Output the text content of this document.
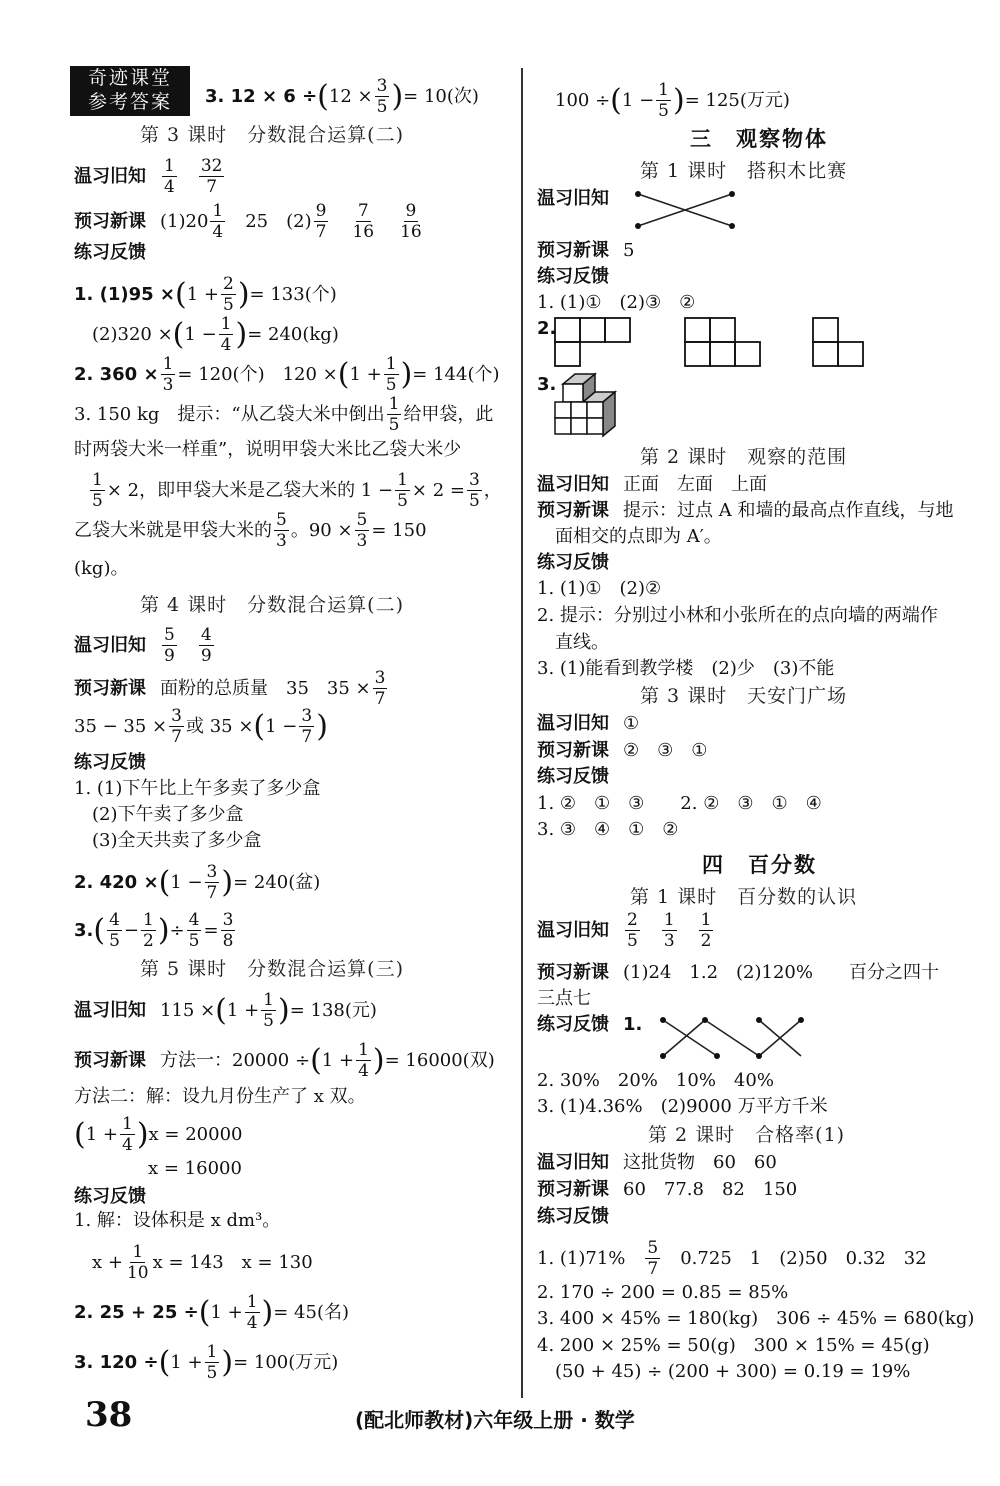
奇迹课堂
参考答案	3. $12 \times 6 \div(12 \times \frac{3}{5}$ )= 10(次)
第 3 课时　分数混合运算(二)
温习旧知 $\frac{1}{4} \frac{32}{7}$
预习新课 $(1)20 \frac{1}{4} 25$　$(2) \frac{9}{7} \frac{7}{16} \frac{9}{16}$
练习反馈
1. $(1)95 \times(1 + \frac{2}{5}$ )= 133(个)
$(2)320 \times(1 - \frac{1}{4}$ )= 240(kg)
2. $360 \times \frac{1}{3} = 120$(个)　$120 \times(1 + \frac{1}{5}$ )= 144(个)
3. 150 kg　提示：“从乙袋大米中倒出 $\frac{1}{5}$ 给甲袋，此
时两袋大米一样重”，说明甲袋大米比乙袋大米少
$\frac{1}{5} \times 2$，即甲袋大米是乙袋大米的 $1 - \frac{1}{5} \times 2 = \frac{3}{5}$ ，
乙袋大米就是甲袋大米的 $\frac{5}{3}$ 。$90 \times \frac{5}{3} = 150$
(kg)。
第 4 课时　分数混合运算(二)
温习旧知 $\frac{5}{9} \frac{4}{9}$
预习新课 面粉的总质量　35　$35 \times \frac{3}{7}$
$35 - 35 \times \frac{3}{7}$ 或 $35 \times(1 - \frac{3}{7}$ )
练习反馈
1. (1)下午比上午多卖了多少盒
(2)下午卖了多少盒
(3)全天共卖了多少盒
2. $420 \times(1 - \frac{3}{7}$ )= 240(盆)
$3.( \frac{4}{5} - \frac{1}{2}$ )÷ $\frac{4}{5} = \frac{3}{8}$
第 5 课时　分数混合运算(三)
温习旧知 $115 \times(1 + \frac{1}{5}$ )= 138(元)
预习新课 方法一：$20000 \div(1 + \frac{1}{4}$ )= 16000(双)
方法二：解：设九月份生产了 x 双。
$(1 + \frac{1}{4} )x = 20000$
x = 16000
练习反馈
1. 解：设体积是 x dm³。
$x + \frac{1}{10}$ x = 143　x = 130
2. $25 + 25 \div(1 + \frac{1}{4}$ )= 45(名)
3. $120 \div(1 + \frac{1}{5}$ )= 100(万元)
$100 \div(1 - \frac{1}{5}$ )= 125(万元)
三　观察物体
第 1 课时　搭积木比赛
温习旧知
预习新课 5
练习反馈
1. (1)①　(2)③　②
2.
3.
第 2 课时　观察的范围
温习旧知 正面　左面　上面
预习新课 提示：过点 A 和墙的最高点作直线，与地
面相交的点即为 A′。
练习反馈
1. (1)①　(2)②
2. 提示：分别过小林和小张所在的点向墙的两端作
直线。
3. (1)能看到教学楼　(2)少　(3)不能
第 3 课时　天安门广场
温习旧知 ①
预习新课 ②　③　①
练习反馈
1. ②　①　③　　2. ②　③　①　④
3. ③　④　①　②
四　百分数
第 1 课时　百分数的认识
温习旧知 $\frac{2}{5} \frac{1}{3} \frac{1}{2}$
预习新课 (1)24　1.2　(2)120%　　百分之四十
三点七
练习反馈 1.
2. 30%　20%　10%　40%
3. (1)4.36%　(2)9000 万平方千米
第 2 课时　合格率(1)
温习旧知 这批货物　60　60
预习新课 60　77.8　82　150
练习反馈
1. $(1)71\% \frac{5}{7} 0.725$　1　(2)50　0.32　32
2. 170 ÷ 200 = 0.85 = 85%
3. 400 × 45% = 180(kg)　306 ÷ 45% = 680(kg)
4. 200 × 25% = 50(g)　300 × 15% = 45(g)
(50 + 45) ÷ (200 + 300) = 0.19 = 19%
38	(配北师教材)六年级上册 · 数学
